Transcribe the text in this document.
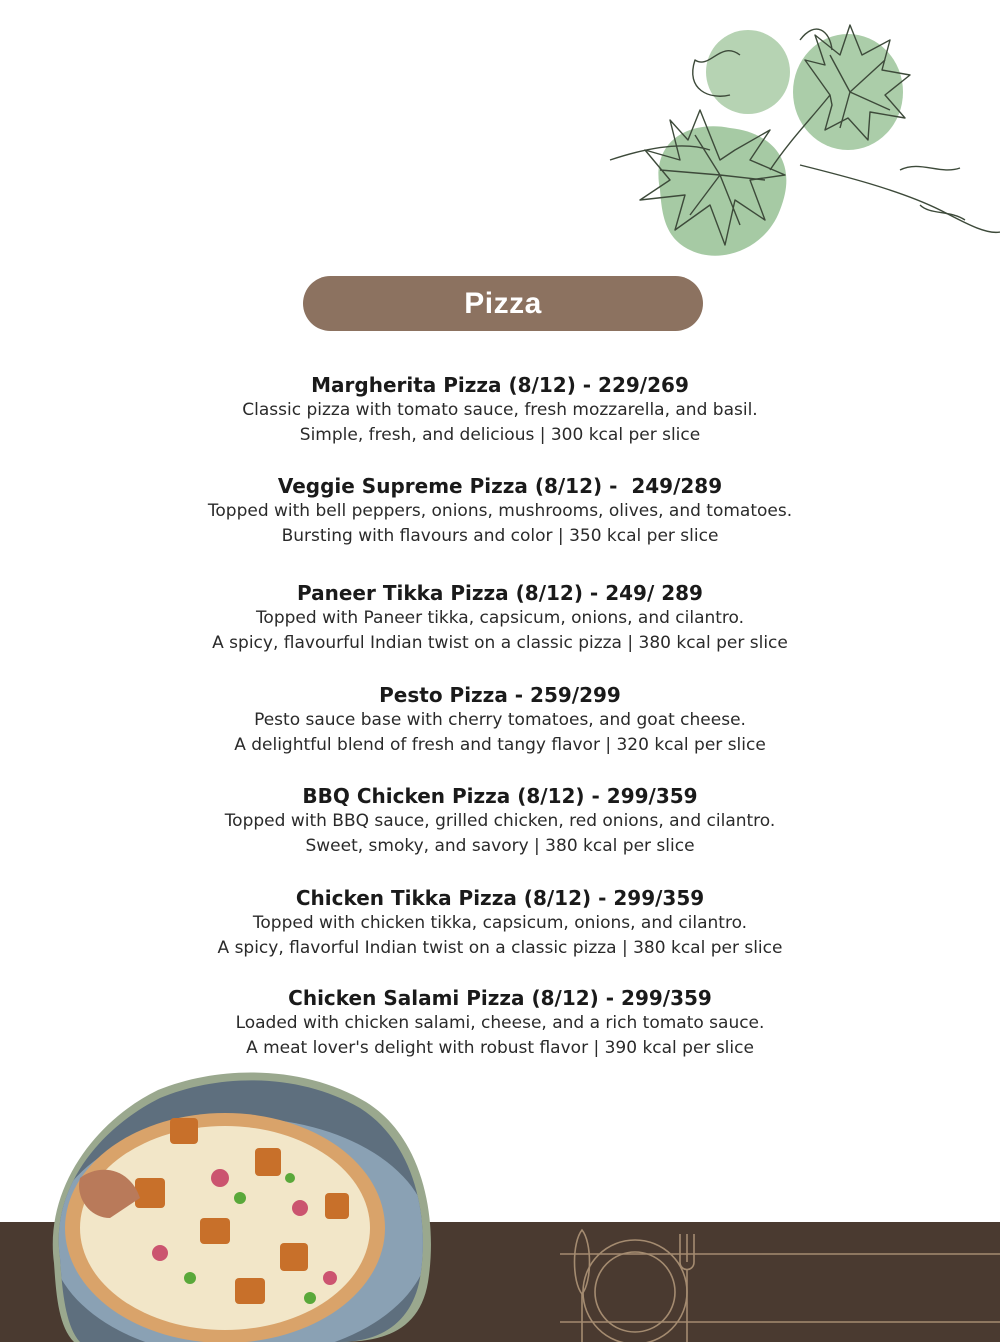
Pizza
Margherita Pizza (8/12) - 229/269
Classic pizza with tomato sauce, fresh mozzarella, and basil.
Simple, fresh, and delicious | 300 kcal per slice
Veggie Supreme Pizza (8/12) -  249/289
Topped with bell peppers, onions, mushrooms, olives, and tomatoes.
Bursting with flavours and color | 350 kcal per slice
Paneer Tikka Pizza (8/12) - 249/ 289
Topped with Paneer tikka, capsicum, onions, and cilantro.
A spicy, flavourful Indian twist on a classic pizza | 380 kcal per slice
Pesto Pizza - 259/299
Pesto sauce base with cherry tomatoes, and goat cheese.
A delightful blend of fresh and tangy flavor | 320 kcal per slice
BBQ Chicken Pizza (8/12) - 299/359
Topped with BBQ sauce, grilled chicken, red onions, and cilantro.
Sweet, smoky, and savory | 380 kcal per slice
Chicken Tikka Pizza (8/12) - 299/359
Topped with chicken tikka, capsicum, onions, and cilantro.
A spicy, flavorful Indian twist on a classic pizza | 380 kcal per slice
Chicken Salami Pizza (8/12) - 299/359
Loaded with chicken salami, cheese, and a rich tomato sauce.
A meat lover's delight with robust flavor | 390 kcal per slice
